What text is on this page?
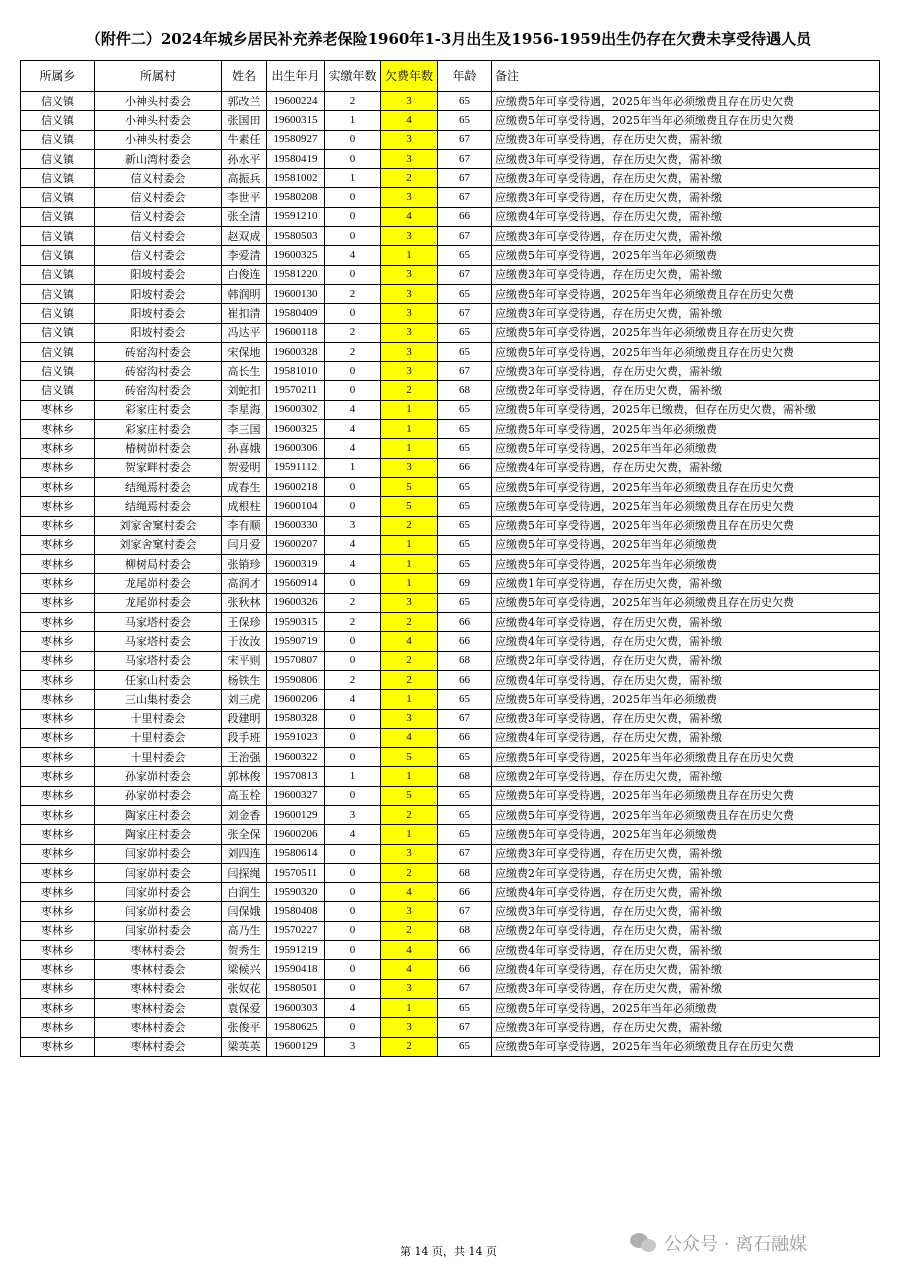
（附件二）2024年城乡居民补充养老保险1960年1-3月出生及1956-1959出生仍存在欠费未享受待遇人员
所属乡	所属村	姓名	出生年月	实缴年数	欠费年数	年龄	备注
信义镇	小神头村委会	郭改兰	19600224	2	3	65	应缴费5年可享受待遇，2025年当年必须缴费且存在历史欠费
信义镇	小神头村委会	张国田	19600315	1	4	65	应缴费5年可享受待遇，2025年当年必须缴费且存在历史欠费
信义镇	小神头村委会	牛素任	19580927	0	3	67	应缴费3年可享受待遇，存在历史欠费，需补缴
信义镇	新山湾村委会	孙水平	19580419	0	3	67	应缴费3年可享受待遇，存在历史欠费，需补缴
信义镇	信义村委会	高振兵	19581002	1	2	67	应缴费3年可享受待遇，存在历史欠费，需补缴
信义镇	信义村委会	李世平	19580208	0	3	67	应缴费3年可享受待遇，存在历史欠费，需补缴
信义镇	信义村委会	张全清	19591210	0	4	66	应缴费4年可享受待遇，存在历史欠费，需补缴
信义镇	信义村委会	赵双成	19580503	0	3	67	应缴费3年可享受待遇，存在历史欠费，需补缴
信义镇	信义村委会	李爱清	19600325	4	1	65	应缴费5年可享受待遇，2025年当年必须缴费
信义镇	阳坡村委会	白俊连	19581220	0	3	67	应缴费3年可享受待遇，存在历史欠费，需补缴
信义镇	阳坡村委会	韩润明	19600130	2	3	65	应缴费5年可享受待遇，2025年当年必须缴费且存在历史欠费
信义镇	阳坡村委会	崔扣清	19580409	0	3	67	应缴费3年可享受待遇，存在历史欠费，需补缴
信义镇	阳坡村委会	冯达平	19600118	2	3	65	应缴费5年可享受待遇，2025年当年必须缴费且存在历史欠费
信义镇	砖窑沟村委会	宋保地	19600328	2	3	65	应缴费5年可享受待遇，2025年当年必须缴费且存在历史欠费
信义镇	砖窑沟村委会	高长生	19581010	0	3	67	应缴费3年可享受待遇，存在历史欠费，需补缴
信义镇	砖窑沟村委会	刘蛇扣	19570211	0	2	68	应缴费2年可享受待遇，存在历史欠费，需补缴
枣林乡	彩家庄村委会	李星海	19600302	4	1	65	应缴费5年可享受待遇，2025年已缴费，但存在历史欠费，需补缴
枣林乡	彩家庄村委会	李三国	19600325	4	1	65	应缴费5年可享受待遇，2025年当年必须缴费
枣林乡	椿树峁村委会	孙喜娥	19600306	4	1	65	应缴费5年可享受待遇，2025年当年必须缴费
枣林乡	贺家畔村委会	贺爱明	19591112	1	3	66	应缴费4年可享受待遇，存在历史欠费，需补缴
枣林乡	结绳焉村委会	成春生	19600218	0	5	65	应缴费5年可享受待遇，2025年当年必须缴费且存在历史欠费
枣林乡	结绳焉村委会	成根柱	19600104	0	5	65	应缴费5年可享受待遇，2025年当年必须缴费且存在历史欠费
枣林乡	刘家舍窠村委会	李有顺	19600330	3	2	65	应缴费5年可享受待遇，2025年当年必须缴费且存在历史欠费
枣林乡	刘家舍窠村委会	闫月爱	19600207	4	1	65	应缴费5年可享受待遇，2025年当年必须缴费
枣林乡	柳树局村委会	张销珍	19600319	4	1	65	应缴费5年可享受待遇，2025年当年必须缴费
枣林乡	龙尾峁村委会	高润才	19560914	0	1	69	应缴费1年可享受待遇，存在历史欠费，需补缴
枣林乡	龙尾峁村委会	张秋林	19600326	2	3	65	应缴费5年可享受待遇，2025年当年必须缴费且存在历史欠费
枣林乡	马家塔村委会	王保珍	19590315	2	2	66	应缴费4年可享受待遇，存在历史欠费，需补缴
枣林乡	马家塔村委会	于汝汝	19590719	0	4	66	应缴费4年可享受待遇，存在历史欠费，需补缴
枣林乡	马家塔村委会	宋平则	19570807	0	2	68	应缴费2年可享受待遇，存在历史欠费，需补缴
枣林乡	任家山村委会	杨铁生	19590806	2	2	66	应缴费4年可享受待遇，存在历史欠费，需补缴
枣林乡	三山集村委会	刘三虎	19600206	4	1	65	应缴费5年可享受待遇，2025年当年必须缴费
枣林乡	十里村委会	段建明	19580328	0	3	67	应缴费3年可享受待遇，存在历史欠费，需补缴
枣林乡	十里村委会	段手班	19591023	0	4	66	应缴费4年可享受待遇，存在历史欠费，需补缴
枣林乡	十里村委会	王治强	19600322	0	5	65	应缴费5年可享受待遇，2025年当年必须缴费且存在历史欠费
枣林乡	孙家峁村委会	郭林俊	19570813	1	1	68	应缴费2年可享受待遇，存在历史欠费，需补缴
枣林乡	孙家峁村委会	高玉栓	19600327	0	5	65	应缴费5年可享受待遇，2025年当年必须缴费且存在历史欠费
枣林乡	陶家庄村委会	刘金香	19600129	3	2	65	应缴费5年可享受待遇，2025年当年必须缴费且存在历史欠费
枣林乡	陶家庄村委会	张全保	19600206	4	1	65	应缴费5年可享受待遇，2025年当年必须缴费
枣林乡	闫家峁村委会	刘四连	19580614	0	3	67	应缴费3年可享受待遇，存在历史欠费，需补缴
枣林乡	闫家峁村委会	闫探绳	19570511	0	2	68	应缴费2年可享受待遇，存在历史欠费，需补缴
枣林乡	闫家峁村委会	白润生	19590320	0	4	66	应缴费4年可享受待遇，存在历史欠费，需补缴
枣林乡	闫家峁村委会	闫保娥	19580408	0	3	67	应缴费3年可享受待遇，存在历史欠费，需补缴
枣林乡	闫家峁村委会	高乃生	19570227	0	2	68	应缴费2年可享受待遇，存在历史欠费，需补缴
枣林乡	枣林村委会	贺秀生	19591219	0	4	66	应缴费4年可享受待遇，存在历史欠费，需补缴
枣林乡	枣林村委会	梁候兴	19590418	0	4	66	应缴费4年可享受待遇，存在历史欠费，需补缴
枣林乡	枣林村委会	张奴花	19580501	0	3	67	应缴费3年可享受待遇，存在历史欠费，需补缴
枣林乡	枣林村委会	袁保爱	19600303	4	1	65	应缴费5年可享受待遇，2025年当年必须缴费
枣林乡	枣林村委会	张俊平	19580625	0	3	67	应缴费3年可享受待遇，存在历史欠费，需补缴
枣林乡	枣林村委会	梁英英	19600129	3	2	65	应缴费5年可享受待遇，2025年当年必须缴费且存在历史欠费
第 14 页，共 14 页	公众号 · 离石融媒
